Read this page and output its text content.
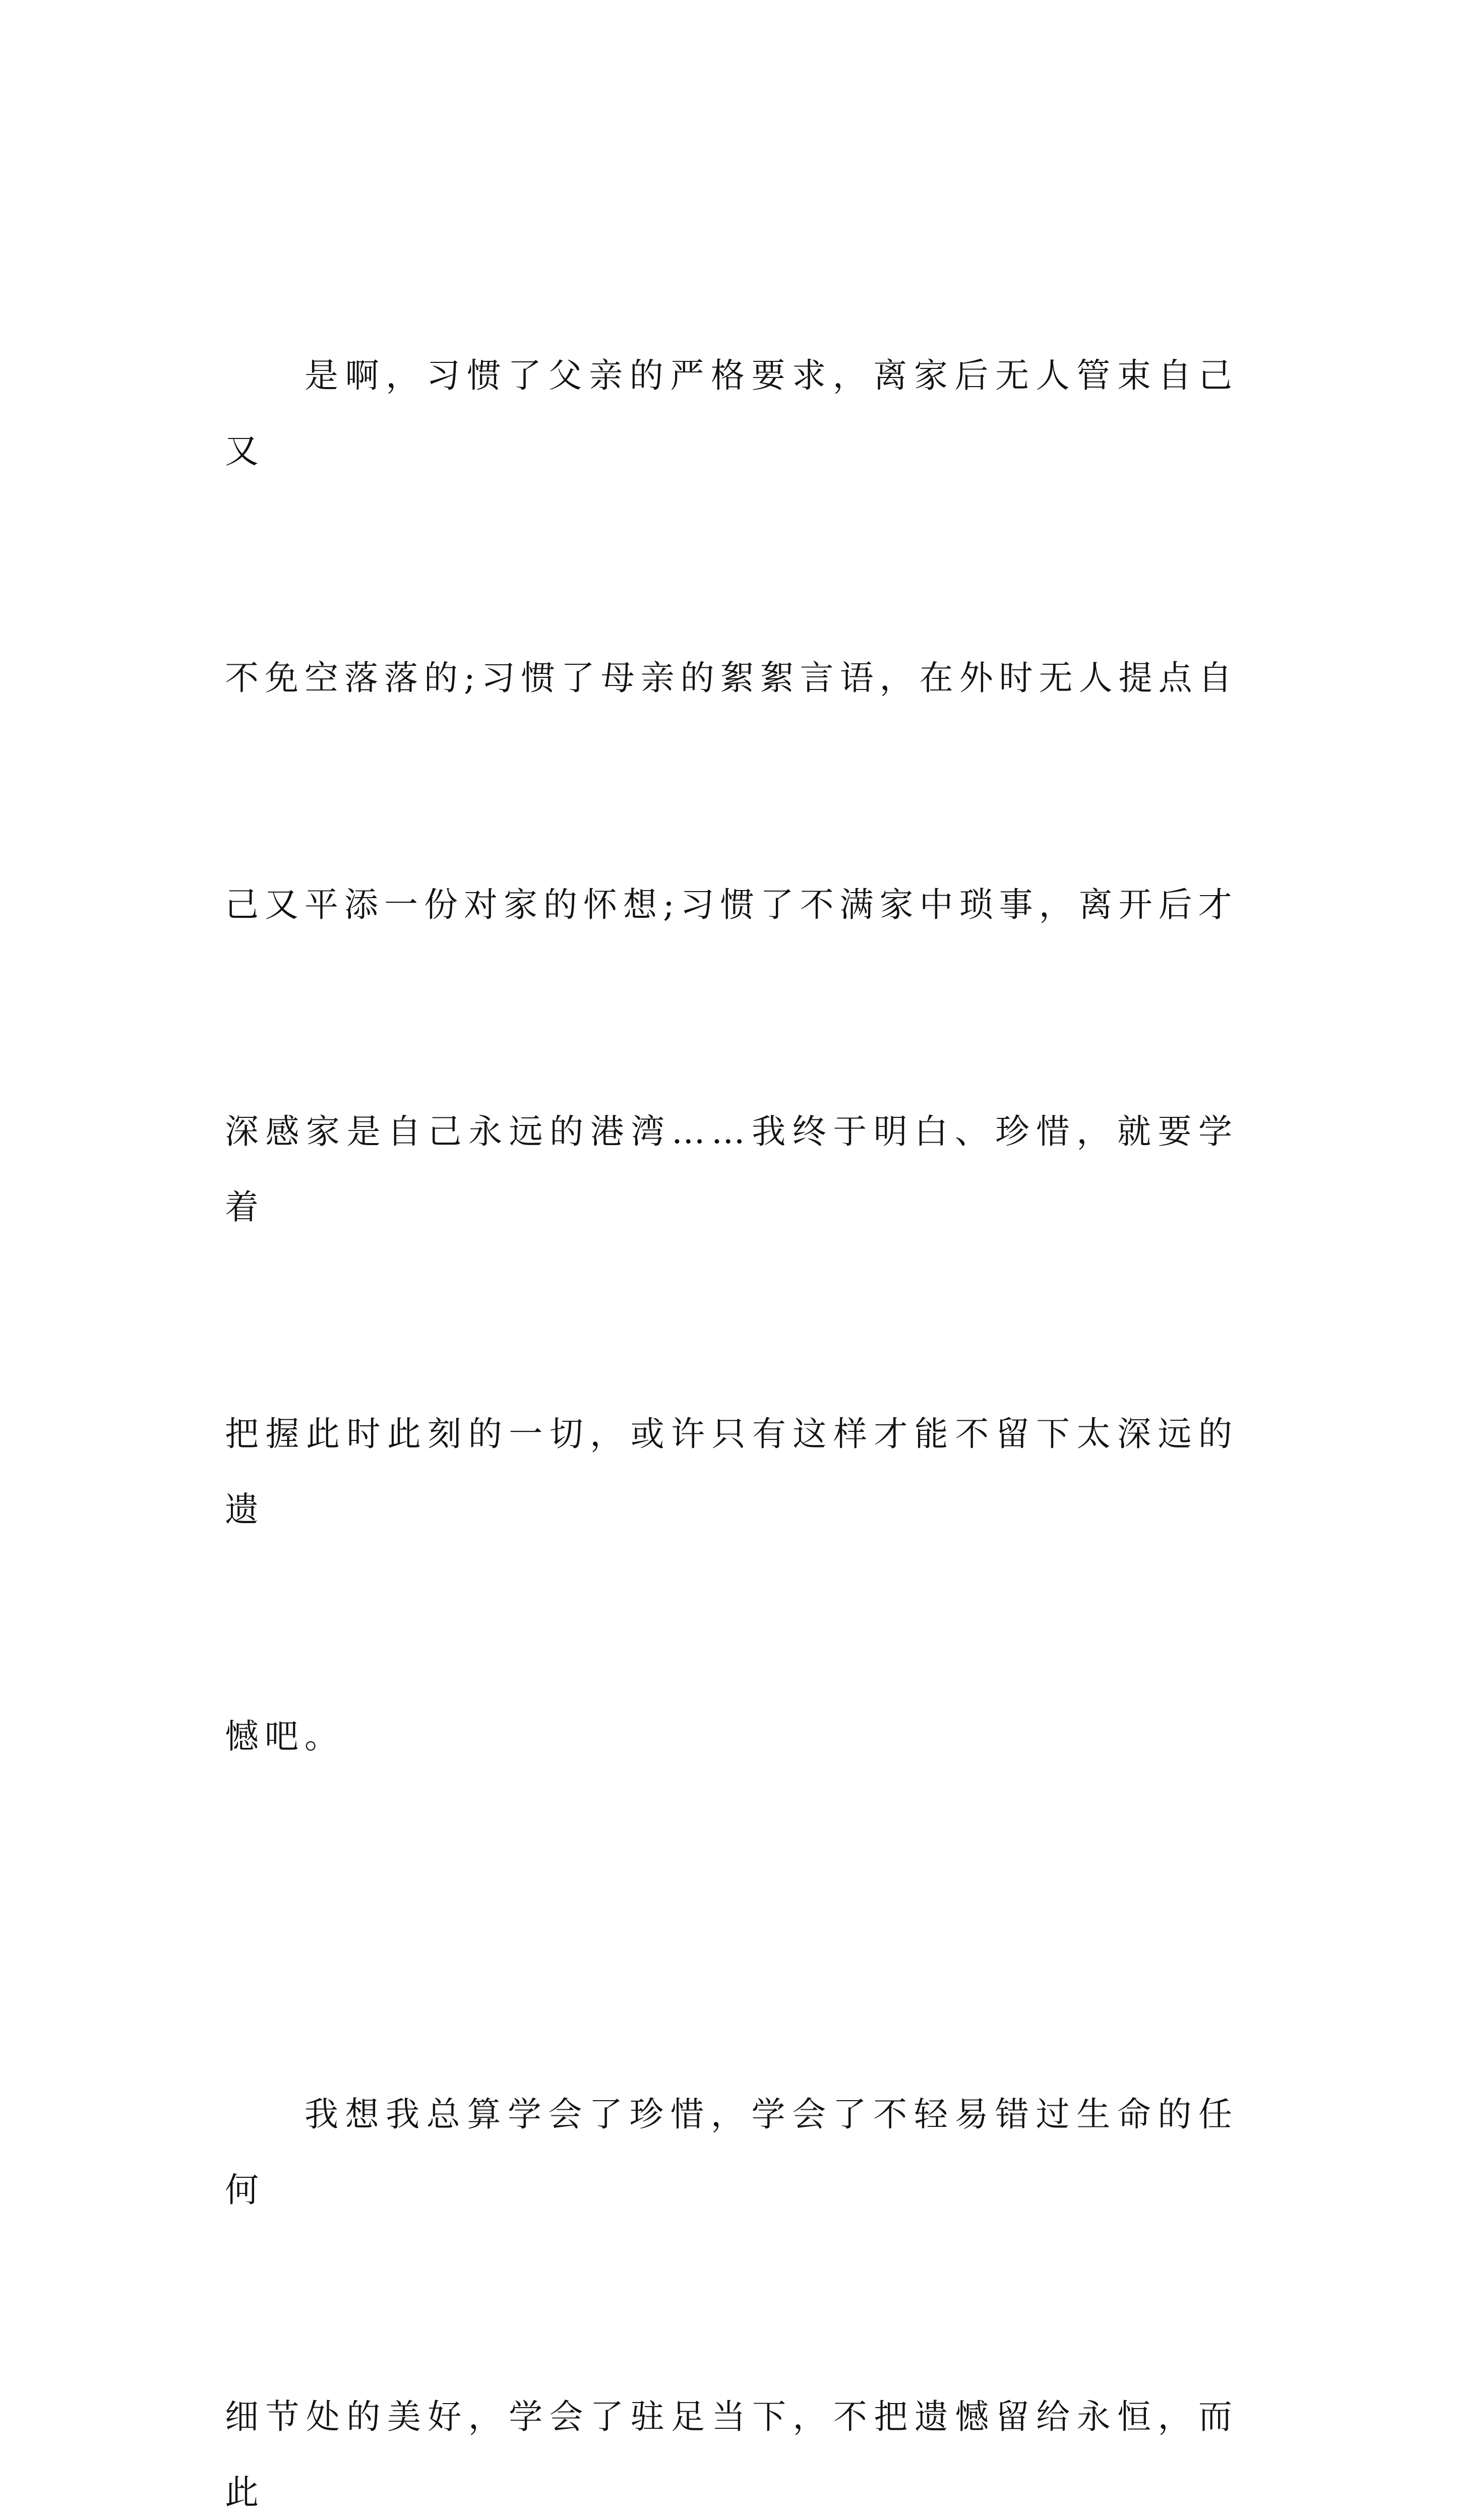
是啊，习惯了父亲的严格要求，离家后无人管束自己又

不免空落落的;习惯了母亲的絮絮言语，在外时无人提点自

己又平添一份对家的怀想;习惯了不满家中琐事，离开后才

深感家是自己永远的港湾……我终于明白、珍惜，就要学着

把握此时此刻的一切，或许只有这样才能不留下太深远的遗

憾吧。

我想我总算学会了珍惜，学会了不轻易错过生命的任何

细节处的美好，学会了驻足当下，不把遗憾留给永恒，而此
